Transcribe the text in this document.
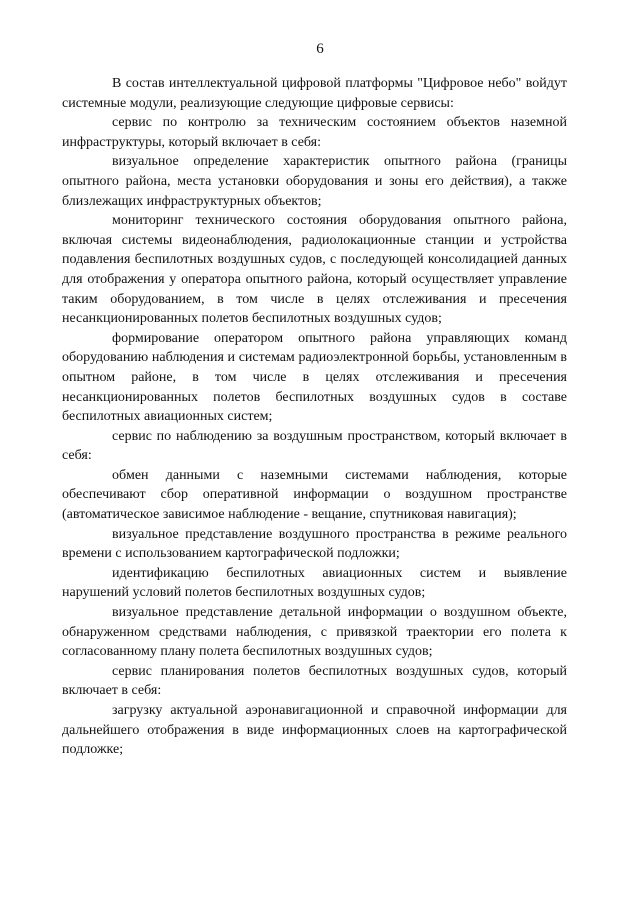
6

В состав интеллектуальной цифровой платформы "Цифровое небо" войдут системные модули, реализующие следующие цифровые сервисы:

сервис по контролю за техническим состоянием объектов наземной инфраструктуры, который включает в себя:

визуальное определение характеристик опытного района (границы опытного района, места установки оборудования и зоны его действия), а также близлежащих инфраструктурных объектов;

мониторинг технического состояния оборудования опытного района, включая системы видеонаблюдения, радиолокационные станции и устройства подавления беспилотных воздушных судов, с последующей консолидацией данных для отображения у оператора опытного района, который осуществляет управление таким оборудованием, в том числе в целях отслеживания и пресечения несанкционированных полетов беспилотных воздушных судов;

формирование оператором опытного района управляющих команд оборудованию наблюдения и системам радиоэлектронной борьбы, установленным в опытном районе, в том числе в целях отслеживания и пресечения несанкционированных полетов беспилотных воздушных судов в составе беспилотных авиационных систем;

сервис по наблюдению за воздушным пространством, который включает в себя:

обмен данными с наземными системами наблюдения, которые обеспечивают сбор оперативной информации о воздушном пространстве (автоматическое зависимое наблюдение - вещание, спутниковая навигация);

визуальное представление воздушного пространства в режиме реального времени с использованием картографической подложки;

идентификацию беспилотных авиационных систем и выявление нарушений условий полетов беспилотных воздушных судов;

визуальное представление детальной информации о воздушном объекте, обнаруженном средствами наблюдения, с привязкой траектории его полета к согласованному плану полета беспилотных воздушных судов;

сервис планирования полетов беспилотных воздушных судов, который включает в себя:

загрузку актуальной аэронавигационной и справочной информации для дальнейшего отображения в виде информационных слоев на картографической подложке;
